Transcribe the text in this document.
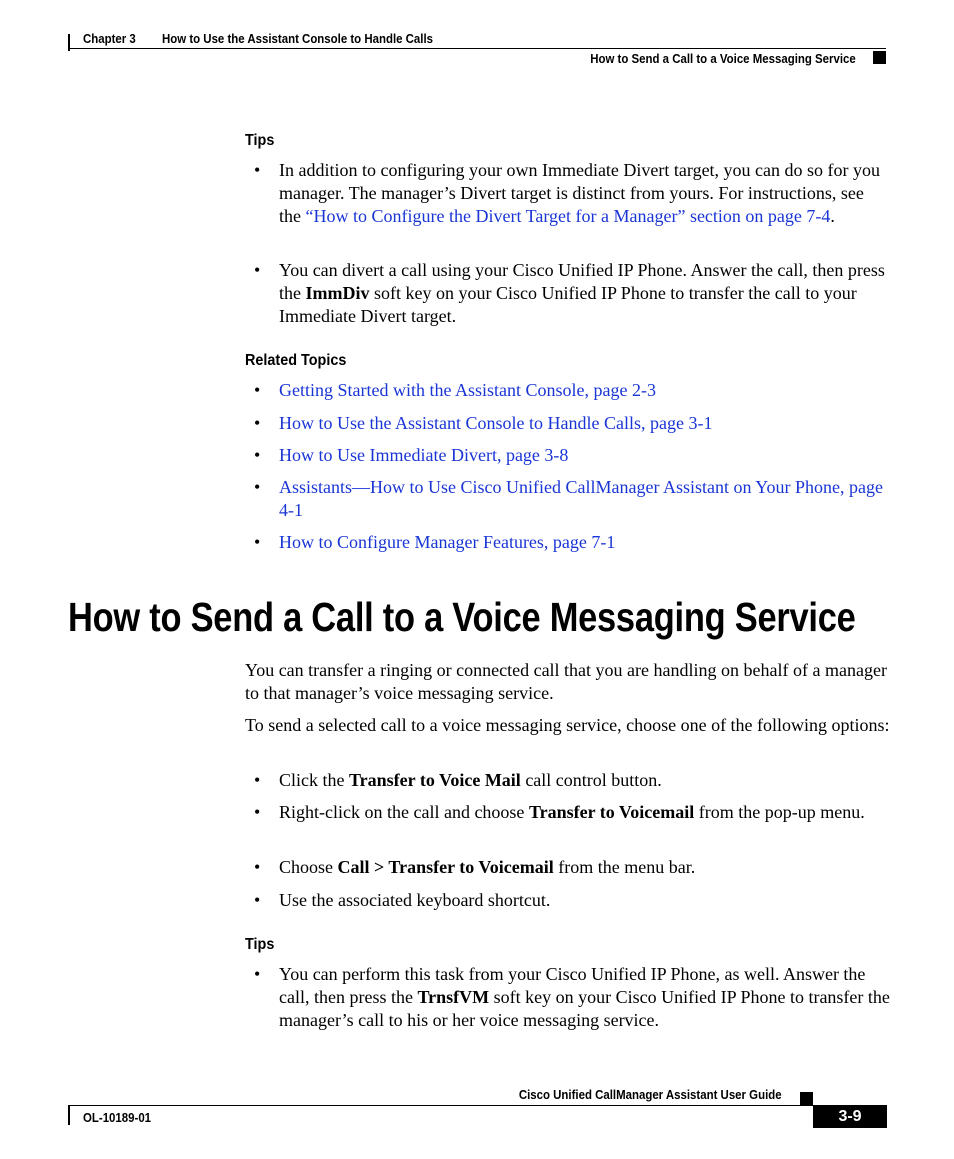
Chapter 3 How to Use the Assistant Console to Handle Calls
How to Send a Call to a Voice Messaging Service
Tips
• In addition to configuring your own Immediate Divert target, you can do so for you manager. The manager’s Divert target is distinct from yours. For instructions, see the “How to Configure the Divert Target for a Manager” section on page 7-4.
• You can divert a call using your Cisco Unified IP Phone. Answer the call, then press the ImmDiv soft key on your Cisco Unified IP Phone to transfer the call to your Immediate Divert target.
Related Topics
• Getting Started with the Assistant Console, page 2-3
• How to Use the Assistant Console to Handle Calls, page 3-1
• How to Use Immediate Divert, page 3-8
• Assistants—How to Use Cisco Unified CallManager Assistant on Your Phone, page 4-1
• How to Configure Manager Features, page 7-1
How to Send a Call to a Voice Messaging Service
You can transfer a ringing or connected call that you are handling on behalf of a manager to that manager’s voice messaging service.
To send a selected call to a voice messaging service, choose one of the following options:
• Click the Transfer to Voice Mail call control button.
• Right-click on the call and choose Transfer to Voicemail from the pop-up menu.
• Choose Call > Transfer to Voicemail from the menu bar.
• Use the associated keyboard shortcut.
Tips
• You can perform this task from your Cisco Unified IP Phone, as well. Answer the call, then press the TrnsfVM soft key on your Cisco Unified IP Phone to transfer the manager’s call to his or her voice messaging service.
Cisco Unified CallManager Assistant User Guide
OL-10189-01	3-9
